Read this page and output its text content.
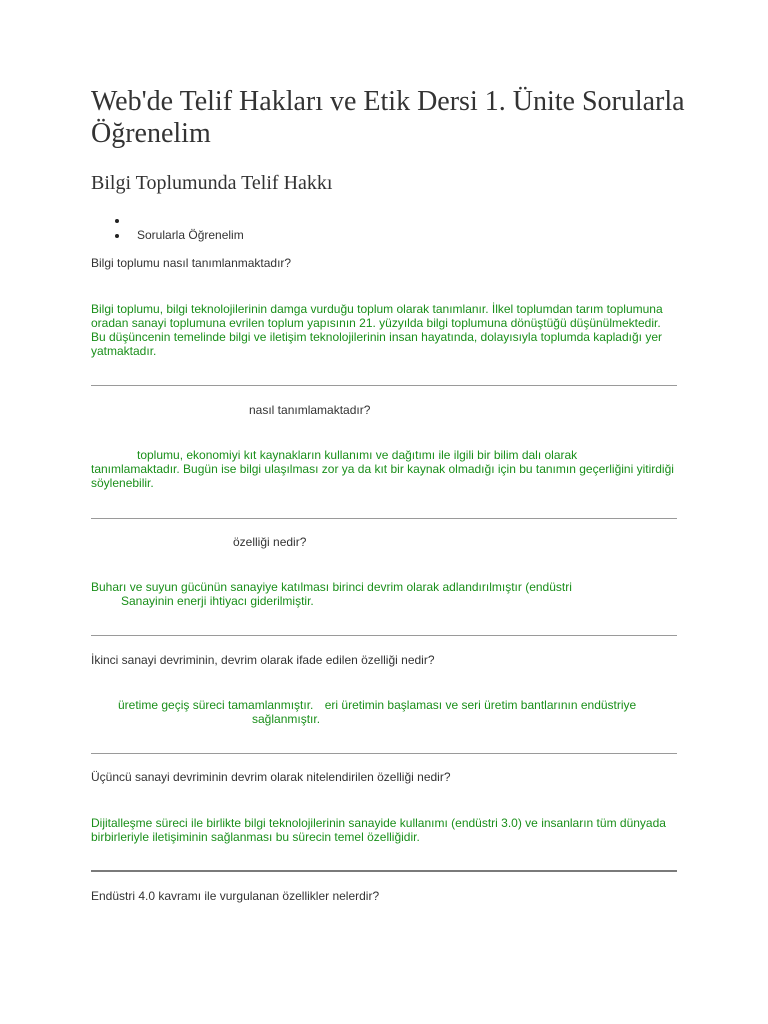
Web'de Telif Hakları ve Etik Dersi 1. Ünite Sorularla Öğrenelim
Bilgi Toplumunda Telif Hakkı
Sorularla Öğrenelim
Bilgi toplumu nasıl tanımlanmaktadır?
Bilgi toplumu, bilgi teknolojilerinin damga vurduğu toplum olarak tanımlanır. İlkel toplumdan tarım toplumuna oradan sanayi toplumuna evrilen toplum yapısının 21. yüzyılda bilgi toplumuna dönüştüğü düşünülmektedir. Bu düşüncenin temelinde bilgi ve iletişim teknolojilerinin insan hayatında, dolayısıyla toplumda kapladığı yer yatmaktadır.
nasıl tanımlamaktadır?
toplumu, ekonomiyi kıt kaynakların kullanımı ve dağıtımı ile ilgili bir bilim dalı olarak
tanımlamaktadır. Bugün ise bilgi ulaşılması zor ya da kıt bir kaynak olmadığı için bu tanımın geçerliğini yitirdiği söylenebilir.
özelliği nedir?
Buharı ve suyun gücünün sanayiye katılması birinci devrim olarak adlandırılmıştır (endüstri
Sanayinin enerji ihtiyacı giderilmiştir.
İkinci sanayi devriminin, devrim olarak ifade edilen özelliği nedir?
üretime geçiş süreci tamamlanmıştır. eri üretimin başlaması ve seri üretim bantlarının endüstriye
sağlanmıştır.
Üçüncü sanayi devriminin devrim olarak nitelendirilen özelliği nedir?
Dijitalleşme süreci ile birlikte bilgi teknolojilerinin sanayide kullanımı (endüstri 3.0) ve insanların tüm dünyada birbirleriyle iletişiminin sağlanması bu sürecin temel özelliğidir.
Endüstri 4.0 kavramı ile vurgulanan özellikler nelerdir?
